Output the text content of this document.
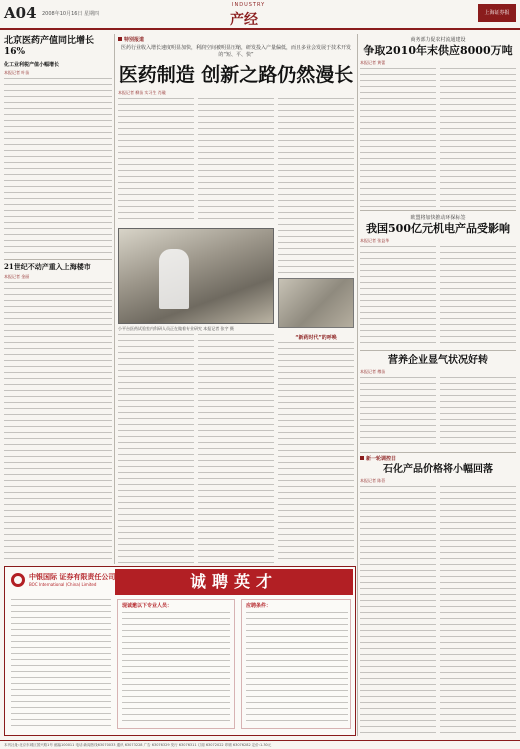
A04 2008年10月16日 星期四
INDUSTRY
产经	上海证券报
北京医药产值同比增长16%
化工业利税产值小幅增长
本报记者 叶苗
21世纪不动产重入上海楼市
本报记者 金丽
特别报道
医药行业收入增长速度明显加快，利润空间被明显压缩，研发投入产量偏低，而且多业会发展于技术开发的“短、平、快”
医药制造 创新之路仍然漫长
本报记者 柳苗 实习生 肖璇
小平台医药试验室内科研人员正在做着专业研究 本报记者 张宇 摄
“新药时代”的呼唤
商务部力促农村流通建设
争取2010年末供应8000万吨
本报记者 黄蕾
欧盟将加快推动环保标签
我国500亿元机电产品受影响
本报记者 张益华
营养企业显气状况好转
本报记者 傅苗
新一轮调控日
石化产品价格将小幅回落
本报记者 陈蓓
中银国际 证券有限责任公司
BOC International (China) Limited	诚聘英才
现诚邀以下专业人员：	应聘条件：
本刊社址:北京东城区国兴路1号 邮编100011 电话:新闻热线63070033 通讯 63073228 广告 63076329 发行 63076311 订阅 63072022 印刷 63076282 定价:1.30元
